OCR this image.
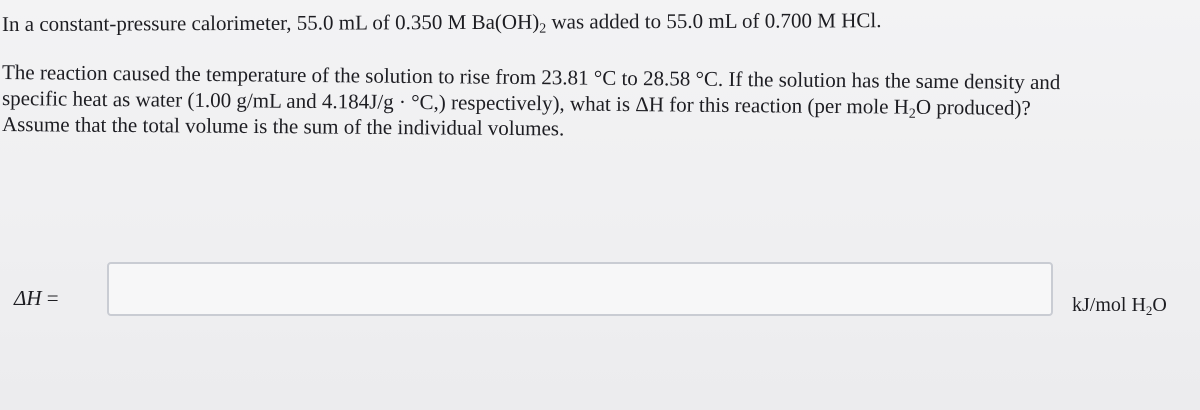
In a constant-pressure calorimeter, 55.0 mL of 0.350 M $Ba(OH)_2$ was added to 55.0 mL of 0.700 M HCl.

The reaction caused the temperature of the solution to rise from 23.81 °C to 28.58 °C. If the solution has the same density and

specific heat as water (1.00 g/mL and 4.184J/g · °C,) respectively), what is ΔH for this reaction (per mole $H_2O$ produced)?

Assume that the total volume is the sum of the individual volumes.

ΔH =	kJ/mol $H_2O$
